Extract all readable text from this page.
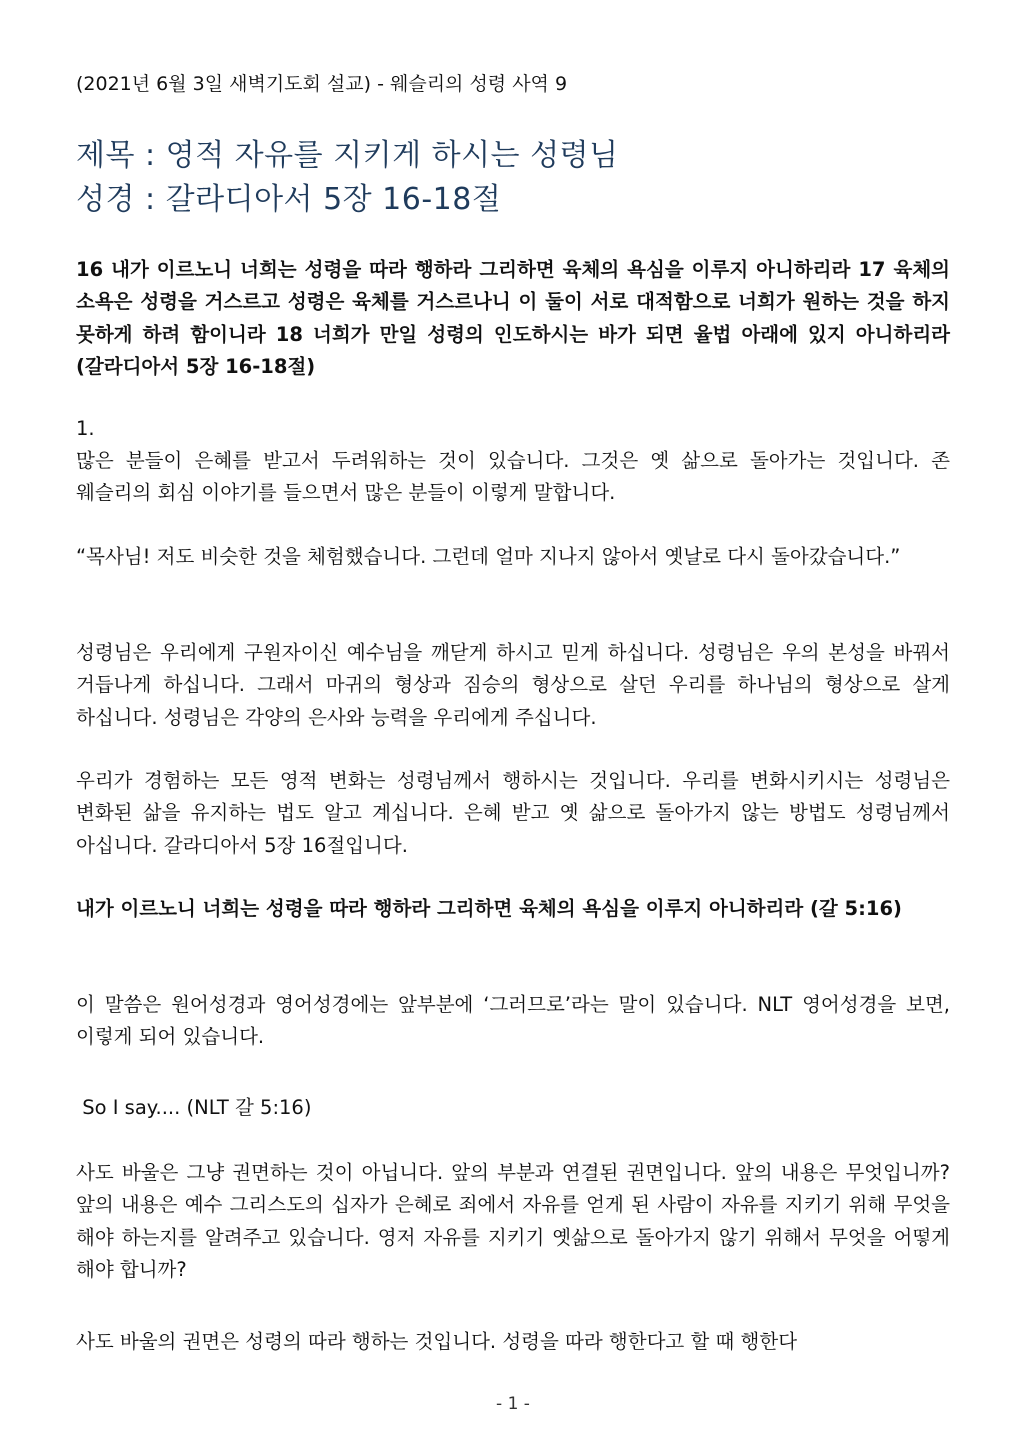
(2021년 6월 3일 새벽기도회 설교) - 웨슬리의 성령 사역 9
제목 : 영적 자유를 지키게 하시는 성령님
성경 : 갈라디아서 5장 16-18절
16 내가 이르노니 너희는 성령을 따라 행하라 그리하면 육체의 욕심을 이루지 아니하리라 17 육체의 소욕은 성령을 거스르고 성령은 육체를 거스르나니 이 둘이 서로 대적함으로 너희가 원하는 것을 하지 못하게 하려 함이니라 18 너희가 만일 성령의 인도하시는 바가 되면 율법 아래에 있지 아니하리라 (갈라디아서 5장 16-18절)
1.
많은 분들이 은혜를 받고서 두려워하는 것이 있습니다. 그것은 옛 삶으로 돌아가는 것입니다. 존 웨슬리의 회심 이야기를 들으면서 많은 분들이 이렇게 말합니다.
“목사님! 저도 비슷한 것을 체험했습니다. 그런데 얼마 지나지 않아서 옛날로 다시 돌아갔습니다.”
성령님은 우리에게 구원자이신 예수님을 깨닫게 하시고 믿게 하십니다. 성령님은 우의 본성을 바꿔서 거듭나게 하십니다. 그래서 마귀의 형상과 짐승의 형상으로 살던 우리를 하나님의 형상으로 살게 하십니다. 성령님은 각양의 은사와 능력을 우리에게 주십니다.
우리가 경험하는 모든 영적 변화는 성령님께서 행하시는 것입니다. 우리를 변화시키시는 성령님은 변화된 삶을 유지하는 법도 알고 계십니다. 은혜 받고 옛 삶으로 돌아가지 않는 방법도 성령님께서 아십니다. 갈라디아서 5장 16절입니다.
내가 이르노니 너희는 성령을 따라 행하라 그리하면 육체의 욕심을 이루지 아니하리라 (갈 5:16)
이 말씀은 원어성경과 영어성경에는 앞부분에 ‘그러므로’라는 말이 있습니다. NLT 영어성경을 보면, 이렇게 되어 있습니다.
So I say.... (NLT 갈 5:16)
사도 바울은 그냥 권면하는 것이 아닙니다. 앞의 부분과 연결된 권면입니다. 앞의 내용은 무엇입니까? 앞의 내용은 예수 그리스도의 십자가 은혜로 죄에서 자유를 얻게 된 사람이 자유를 지키기 위해 무엇을 해야 하는지를 알려주고 있습니다. 영저 자유를 지키기 옛삶으로 돌아가지 않기 위해서 무엇을 어떻게 해야 합니까?
사도 바울의 권면은 성령의 따라 행하는 것입니다. 성령을 따라 행한다고 할 때 행한다
- 1 -
